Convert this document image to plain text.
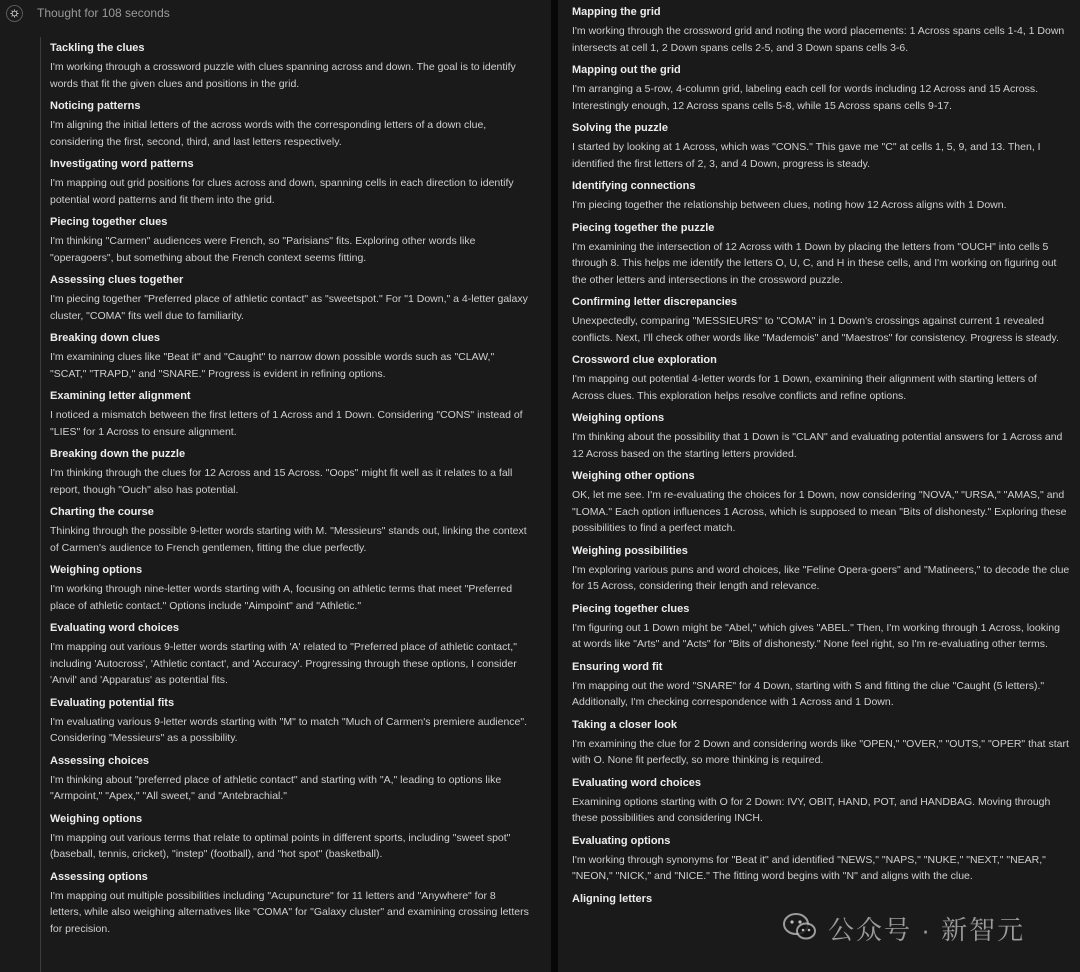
Thought for 108 seconds
Tackling the clues
I'm working through a crossword puzzle with clues spanning across and down. The goal is to identify words that fit the given clues and positions in the grid.
Noticing patterns
I'm aligning the initial letters of the across words with the corresponding letters of a down clue, considering the first, second, third, and last letters respectively.
Investigating word patterns
I'm mapping out grid positions for clues across and down, spanning cells in each direction to identify potential word patterns and fit them into the grid.
Piecing together clues
I'm thinking "Carmen" audiences were French, so "Parisians" fits. Exploring other words like "operagoers", but something about the French context seems fitting.
Assessing clues together
I'm piecing together "Preferred place of athletic contact" as "sweetspot." For "1 Down," a 4-letter galaxy cluster, "COMA" fits well due to familiarity.
Breaking down clues
I'm examining clues like "Beat it" and "Caught" to narrow down possible words such as "CLAW," "SCAT," "TRAPD," and "SNARE." Progress is evident in refining options.
Examining letter alignment
I noticed a mismatch between the first letters of 1 Across and 1 Down. Considering "CONS" instead of "LIES" for 1 Across to ensure alignment.
Breaking down the puzzle
I'm thinking through the clues for 12 Across and 15 Across. "Oops" might fit well as it relates to a fall report, though "Ouch" also has potential.
Charting the course
Thinking through the possible 9-letter words starting with M. "Messieurs" stands out, linking the context of Carmen's audience to French gentlemen, fitting the clue perfectly.
Weighing options
I'm working through nine-letter words starting with A, focusing on athletic terms that meet "Preferred place of athletic contact." Options include "Aimpoint" and "Athletic."
Evaluating word choices
I'm mapping out various 9-letter words starting with 'A' related to "Preferred place of athletic contact," including 'Autocross', 'Athletic contact', and 'Accuracy'. Progressing through these options, I consider 'Anvil' and 'Apparatus' as potential fits.
Evaluating potential fits
I'm evaluating various 9-letter words starting with "M" to match "Much of Carmen's premiere audience". Considering "Messieurs" as a possibility.
Assessing choices
I'm thinking about "preferred place of athletic contact" and starting with "A," leading to options like "Armpoint," "Apex," "All sweet," and "Antebrachial."
Weighing options
I'm mapping out various terms that relate to optimal points in different sports, including "sweet spot" (baseball, tennis, cricket), "instep" (football), and "hot spot" (basketball).
Assessing options
I'm mapping out multiple possibilities including "Acupuncture" for 11 letters and "Anywhere" for 8 letters, while also weighing alternatives like "COMA" for "Galaxy cluster" and examining crossing letters for precision.
Mapping the grid
I'm working through the crossword grid and noting the word placements: 1 Across spans cells 1-4, 1 Down intersects at cell 1, 2 Down spans cells 2-5, and 3 Down spans cells 3-6.
Mapping out the grid
I'm arranging a 5-row, 4-column grid, labeling each cell for words including 12 Across and 15 Across. Interestingly enough, 12 Across spans cells 5-8, while 15 Across spans cells 9-17.
Solving the puzzle
I started by looking at 1 Across, which was "CONS." This gave me "C" at cells 1, 5, 9, and 13. Then, I identified the first letters of 2, 3, and 4 Down, progress is steady.
Identifying connections
I'm piecing together the relationship between clues, noting how 12 Across aligns with 1 Down.
Piecing together the puzzle
I'm examining the intersection of 12 Across with 1 Down by placing the letters from "OUCH" into cells 5 through 8. This helps me identify the letters O, U, C, and H in these cells, and I'm working on figuring out the other letters and intersections in the crossword puzzle.
Confirming letter discrepancies
Unexpectedly, comparing "MESSIEURS" to "COMA" in 1 Down's crossings against current 1 revealed conflicts. Next, I'll check other words like "Mademois" and "Maestros" for consistency. Progress is steady.
Crossword clue exploration
I'm mapping out potential 4-letter words for 1 Down, examining their alignment with starting letters of Across clues. This exploration helps resolve conflicts and refine options.
Weighing options
I'm thinking about the possibility that 1 Down is "CLAN" and evaluating potential answers for 1 Across and 12 Across based on the starting letters provided.
Weighing other options
OK, let me see. I'm re-evaluating the choices for 1 Down, now considering "NOVA," "URSA," "AMAS," and "LOMA." Each option influences 1 Across, which is supposed to mean "Bits of dishonesty." Exploring these possibilities to find a perfect match.
Weighing possibilities
I'm exploring various puns and word choices, like "Feline Opera-goers" and "Matineers," to decode the clue for 15 Across, considering their length and relevance.
Piecing together clues
I'm figuring out 1 Down might be "Abel," which gives "ABEL." Then, I'm working through 1 Across, looking at words like "Arts" and "Acts" for "Bits of dishonesty." None feel right, so I'm re-evaluating other terms.
Ensuring word fit
I'm mapping out the word "SNARE" for 4 Down, starting with S and fitting the clue "Caught (5 letters)." Additionally, I'm checking correspondence with 1 Across and 1 Down.
Taking a closer look
I'm examining the clue for 2 Down and considering words like "OPEN," "OVER," "OUTS," "OPER" that start with O. None fit perfectly, so more thinking is required.
Evaluating word choices
Examining options starting with O for 2 Down: IVY, OBIT, HAND, POT, and HANDBAG. Moving through these possibilities and considering INCH.
Evaluating options
I'm working through synonyms for "Beat it" and identified "NEWS," "NAPS," "NUKE," "NEXT," "NEAR," "NEON," "NICK," and "NICE." The fitting word begins with "N" and aligns with the clue.
Aligning letters
公众号 · 新智元
